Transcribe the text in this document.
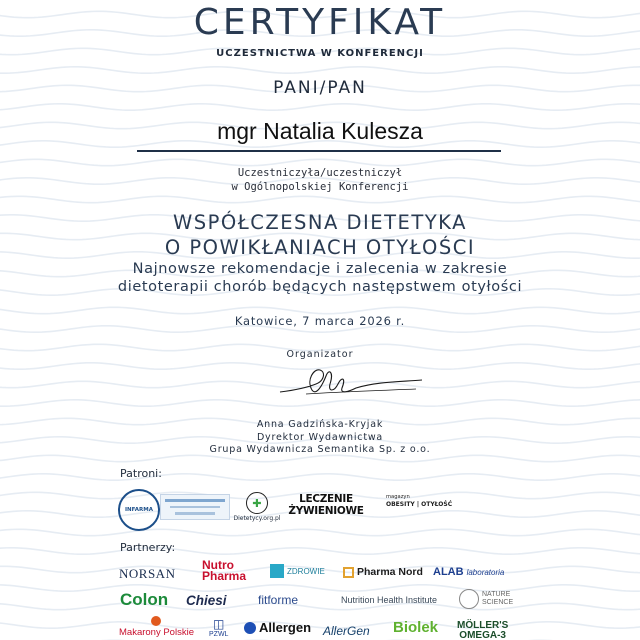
CERTYFIKAT
UCZESTNICTWA W KONFERENCJI
PANI/PAN
mgr Natalia Kulesza
Uczestniczyła/uczestniczył
w Ogólnopolskiej Konferencji
WSPÓŁCZESNA DIETETYKA
O POWIKŁANIACH OTYŁOŚCI
Najnowsze rekomendacje i zalecenia w zakresie
dietoterapii chorób będących następstwem otyłości
Katowice, 7 marca 2026 r.
Organizator
Anna Gadzińska-Kryjak
Dyrektor Wydawnictwa
Grupa Wydawnicza Semantika Sp. z o.o.
Patroni:
INFARMA
✚
Dietetycy.org.pl
LECZENIE
ŻYWIENIOWE
magazyn
OBESITY | OTYŁOŚĆ
Partnerzy:
NORSAN
Nutro
Pharma	ZDROWIE	Pharma Nord ALAB laboratoria
Colon Chiesi	fitforme	Nutrition Health Institute
NATURE
SCIENCE
Makarony Polskie
◫
PZWL Allergen AllerGen Biolek MÖLLER'S
OMEGA-3
